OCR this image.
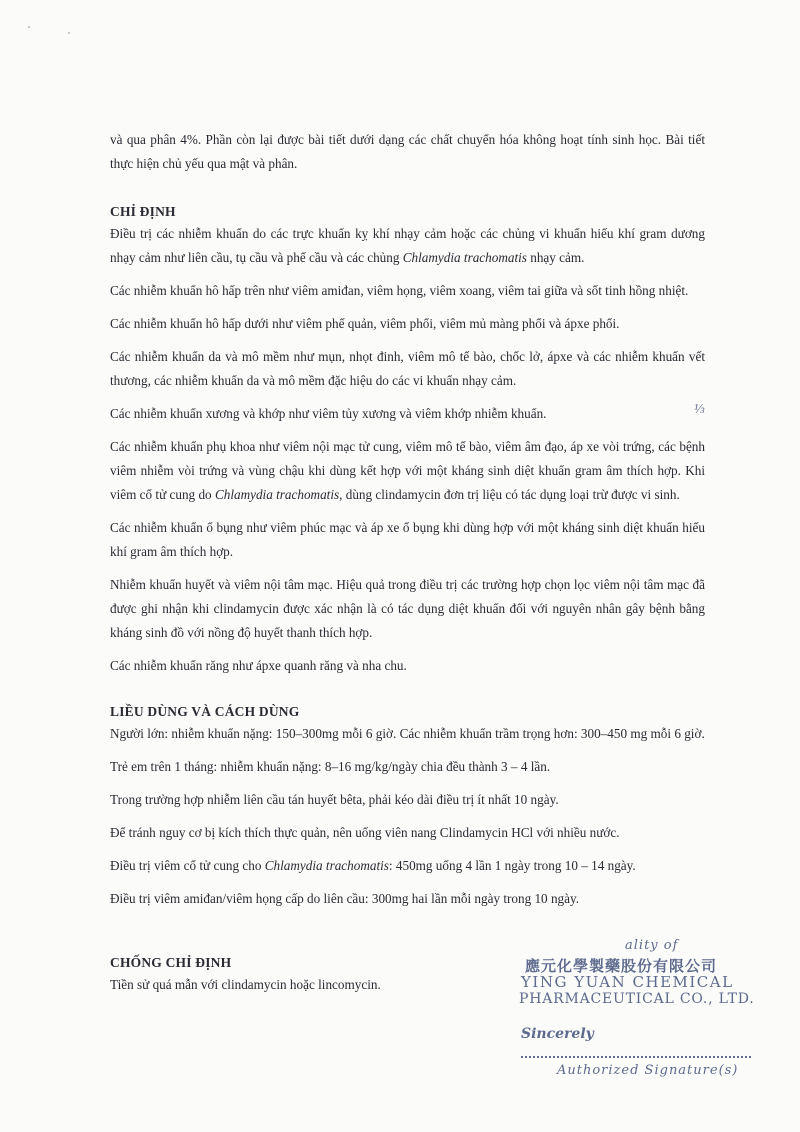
và qua phân 4%. Phần còn lại được bài tiết dưới dạng các chất chuyển hóa không hoạt tính sinh học. Bài tiết thực hiện chủ yếu qua mật và phân.

CHỈ ĐỊNH

Điều trị các nhiễm khuẩn do các trực khuẩn kỵ khí nhạy cảm hoặc các chủng vi khuẩn hiếu khí gram dương nhạy cảm như liên cầu, tụ cầu và phế cầu và các chủng Chlamydia trachomatis nhạy cảm.

Các nhiễm khuẩn hô hấp trên như viêm amiđan, viêm họng, viêm xoang, viêm tai giữa và sốt tinh hồng nhiệt.

Các nhiễm khuẩn hô hấp dưới như viêm phế quản, viêm phổi, viêm mủ màng phổi và ápxe phổi.

Các nhiễm khuẩn da và mô mềm như mụn, nhọt đinh, viêm mô tế bào, chốc lở, ápxe và các nhiễm khuẩn vết thương, các nhiễm khuẩn da và mô mềm đặc hiệu do các vi khuẩn nhạy cảm.

Các nhiễm khuẩn xương và khớp như viêm tủy xương và viêm khớp nhiễm khuẩn.

Các nhiễm khuẩn phụ khoa như viêm nội mạc tử cung, viêm mô tế bào, viêm âm đạo, áp xe vòi trứng, các bệnh viêm nhiễm vòi trứng và vùng chậu khi dùng kết hợp với một kháng sinh diệt khuẩn gram âm thích hợp. Khi viêm cổ tử cung do Chlamydia trachomatis, dùng clindamycin đơn trị liệu có tác dụng loại trừ được vi sinh.

Các nhiễm khuẩn ổ bụng như viêm phúc mạc và áp xe ổ bụng khi dùng hợp với một kháng sinh diệt khuẩn hiếu khí gram âm thích hợp.

Nhiễm khuẩn huyết và viêm nội tâm mạc. Hiệu quả trong điều trị các trường hợp chọn lọc viêm nội tâm mạc đã được ghi nhận khi clindamycin được xác nhận là có tác dụng diệt khuẩn đối với nguyên nhân gây bệnh bằng kháng sinh đồ với nồng độ huyết thanh thích hợp.

Các nhiễm khuẩn răng như ápxe quanh răng và nha chu.

LIỀU DÙNG VÀ CÁCH DÙNG

Người lớn: nhiễm khuẩn nặng: 150–300mg mỗi 6 giờ. Các nhiễm khuẩn trầm trọng hơn: 300–450 mg mỗi 6 giờ.

Trẻ em trên 1 tháng: nhiễm khuẩn nặng: 8–16 mg/kg/ngày chia đều thành 3 – 4 lần.

Trong trường hợp nhiễm liên cầu tán huyết bêta, phải kéo dài điều trị ít nhất 10 ngày.

Để tránh nguy cơ bị kích thích thực quản, nên uống viên nang Clindamycin HCl với nhiều nước.

Điều trị viêm cổ tử cung cho Chlamydia trachomatis: 450mg uống 4 lần 1 ngày trong 10 – 14 ngày.

Điều trị viêm amiđan/viêm họng cấp do liên cầu: 300mg hai lần mỗi ngày trong 10 ngày.

CHỐNG CHỈ ĐỊNH

Tiền sử quá mẫn với clindamycin hoặc lincomycin.

⅓
ality of
應元化學製藥股份有限公司
YING YUAN CHEMICAL
PHARMACEUTICAL CO., LTD.
Sincerely
Authorized Signature(s)
